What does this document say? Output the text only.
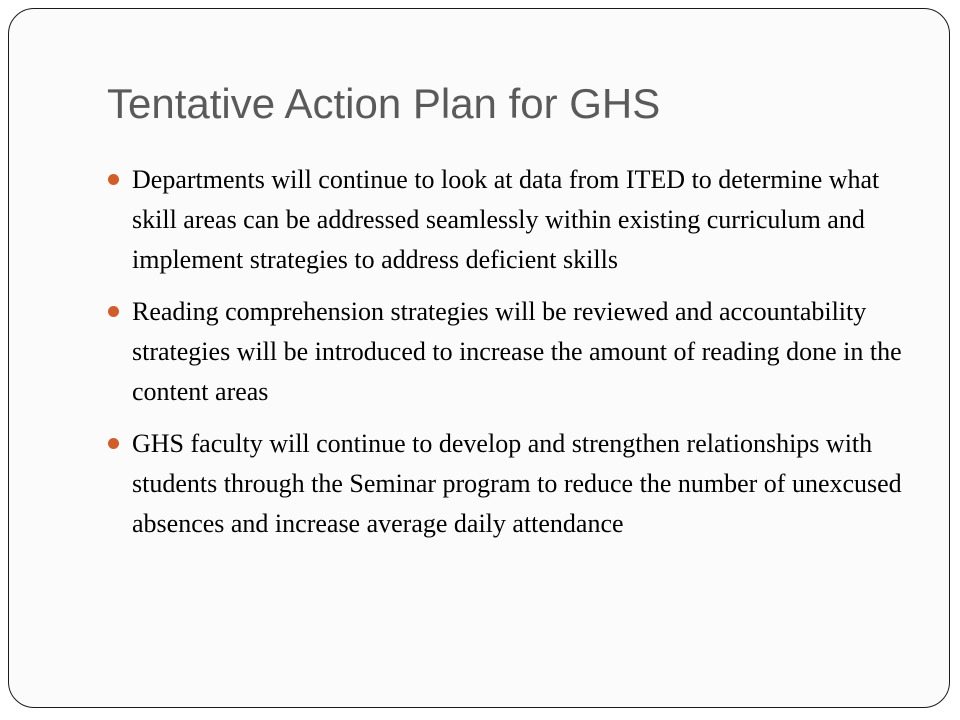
Tentative Action Plan for GHS
Departments will continue to look at data from ITED to determine what skill areas can be addressed seamlessly within existing curriculum and implement strategies to address deficient skills
Reading comprehension strategies will be reviewed and accountability strategies will be introduced to increase the amount of reading done in the content areas
GHS faculty will continue to develop and strengthen relationships with students through the Seminar program to reduce the number of unexcused absences and increase average daily attendance
